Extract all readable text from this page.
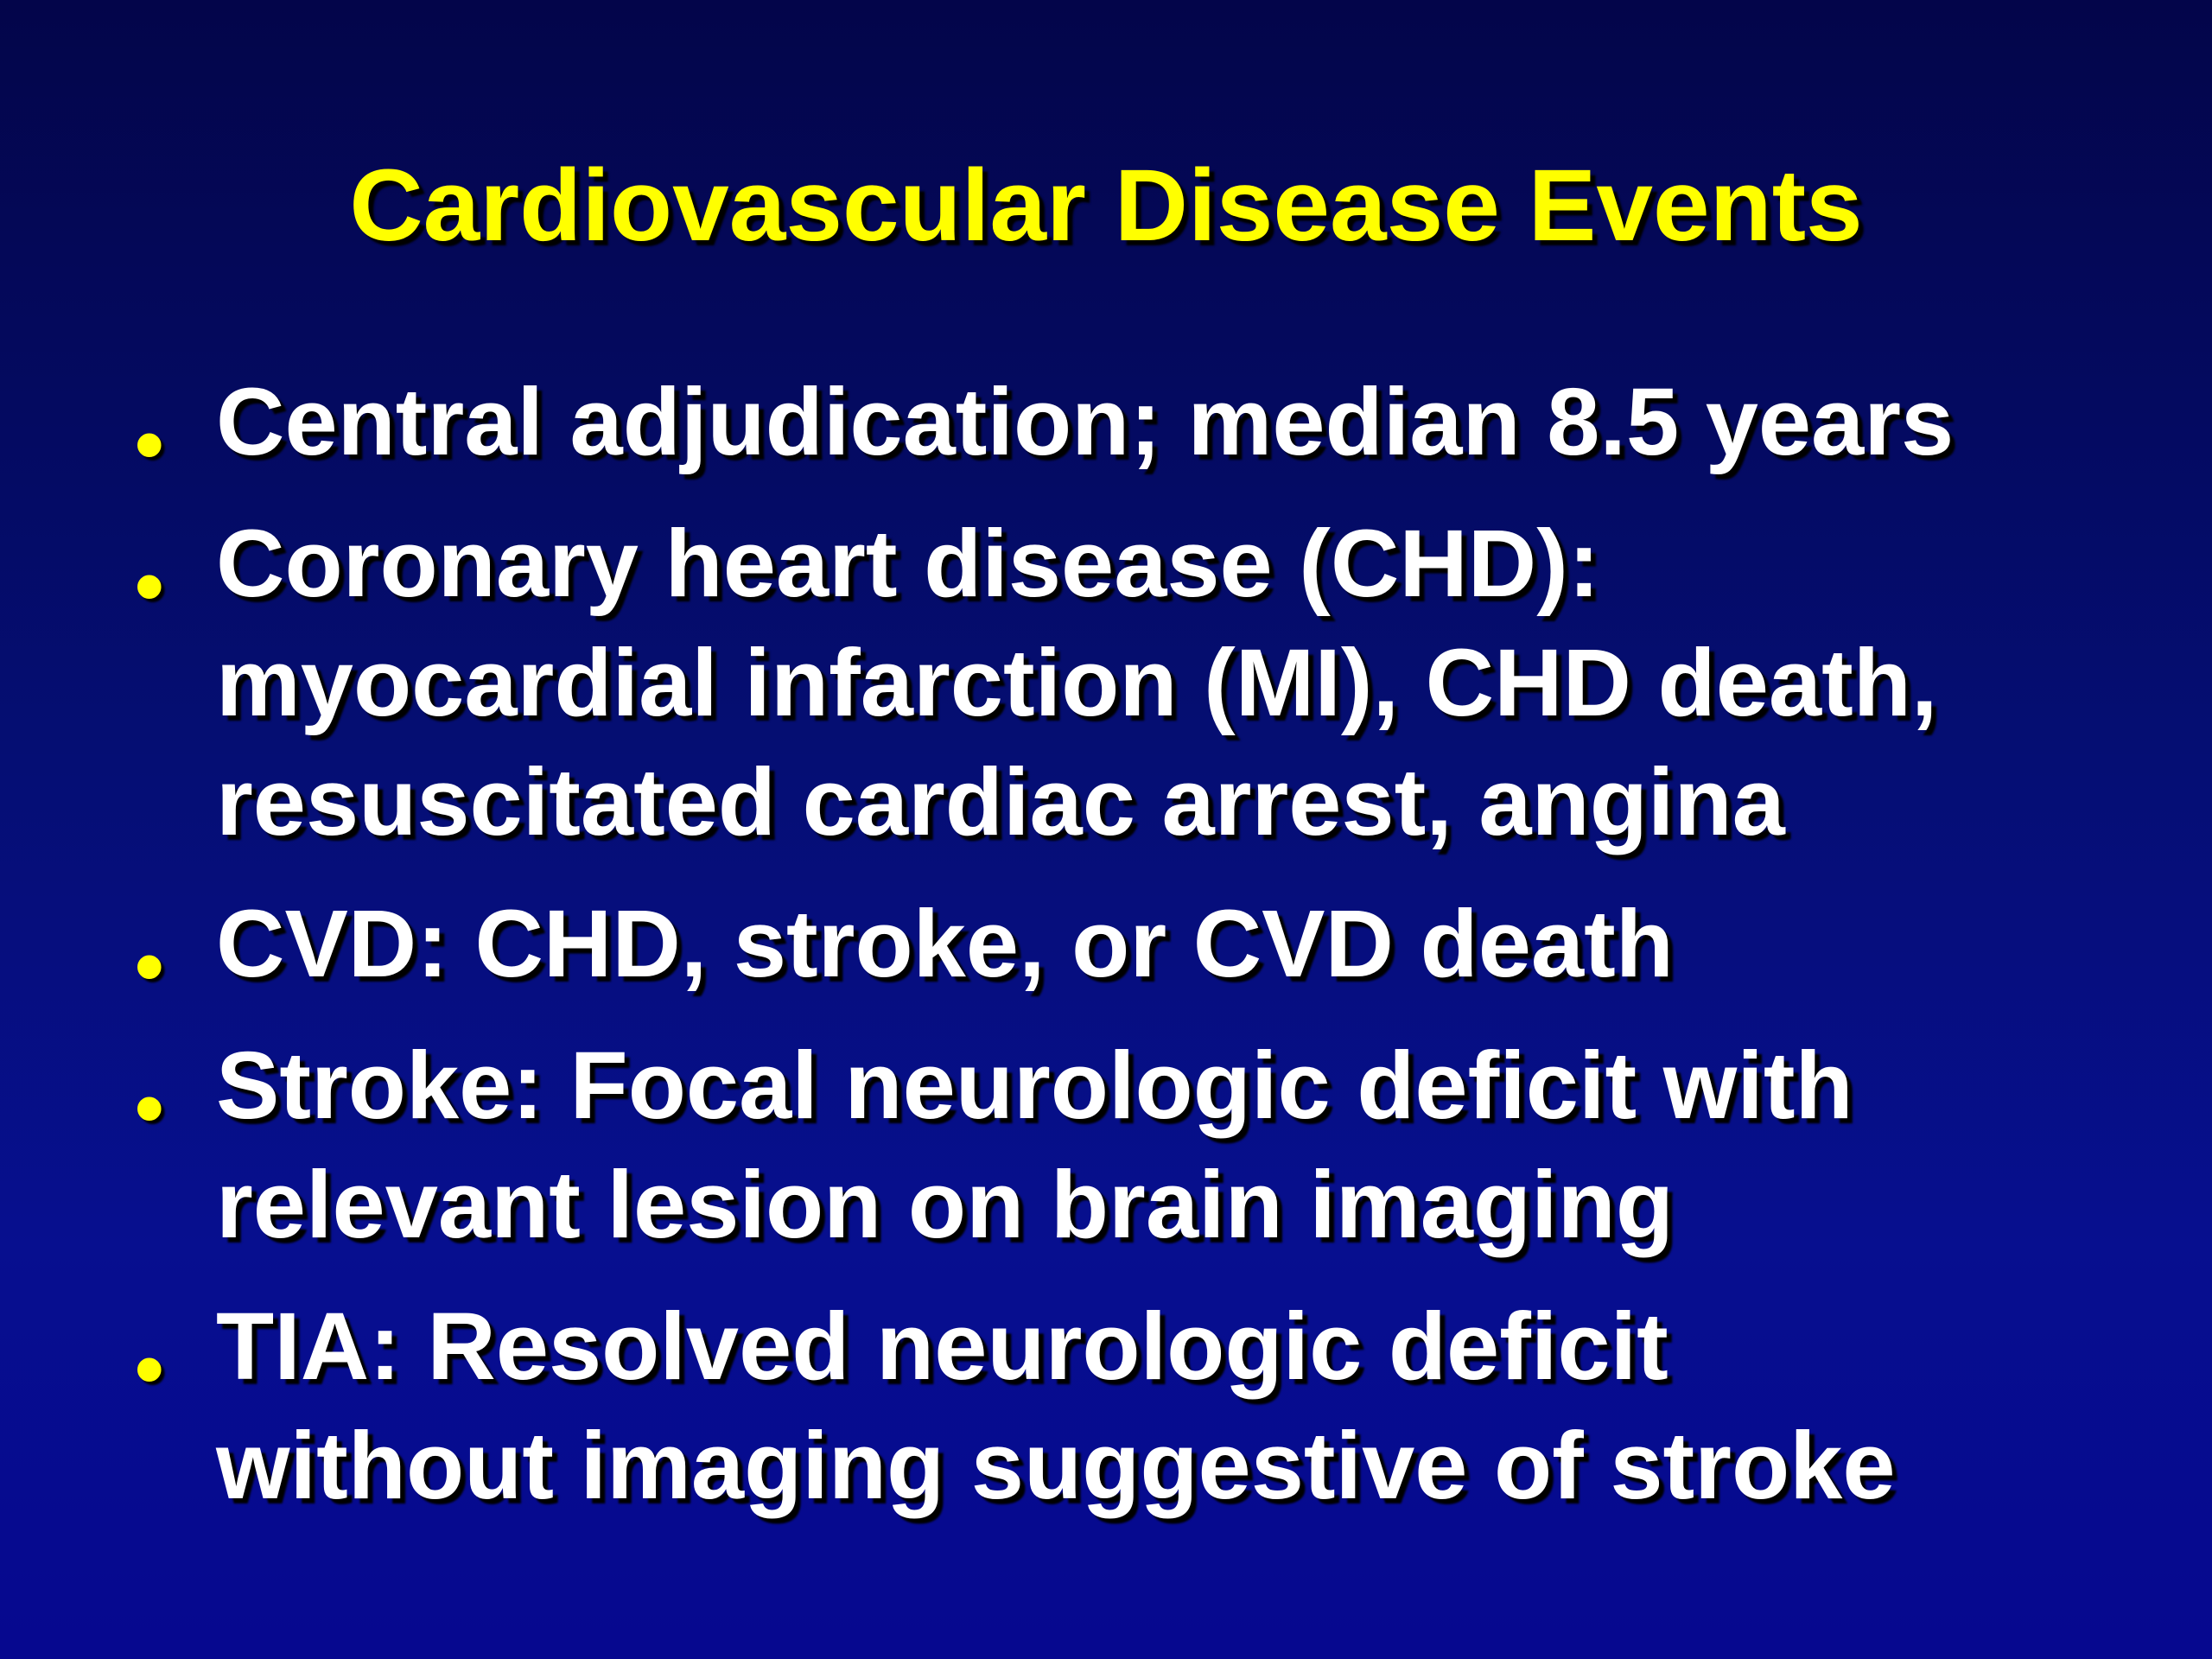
Cardiovascular Disease Events
• Central adjudication; median 8.5 years
• Coronary heart disease (CHD):
myocardial infarction (MI), CHD death,
resuscitated cardiac arrest, angina
• CVD: CHD, stroke, or CVD death
• Stroke: Focal neurologic deficit with
relevant lesion on brain imaging
• TIA: Resolved neurologic deficit
without imaging suggestive of stroke
